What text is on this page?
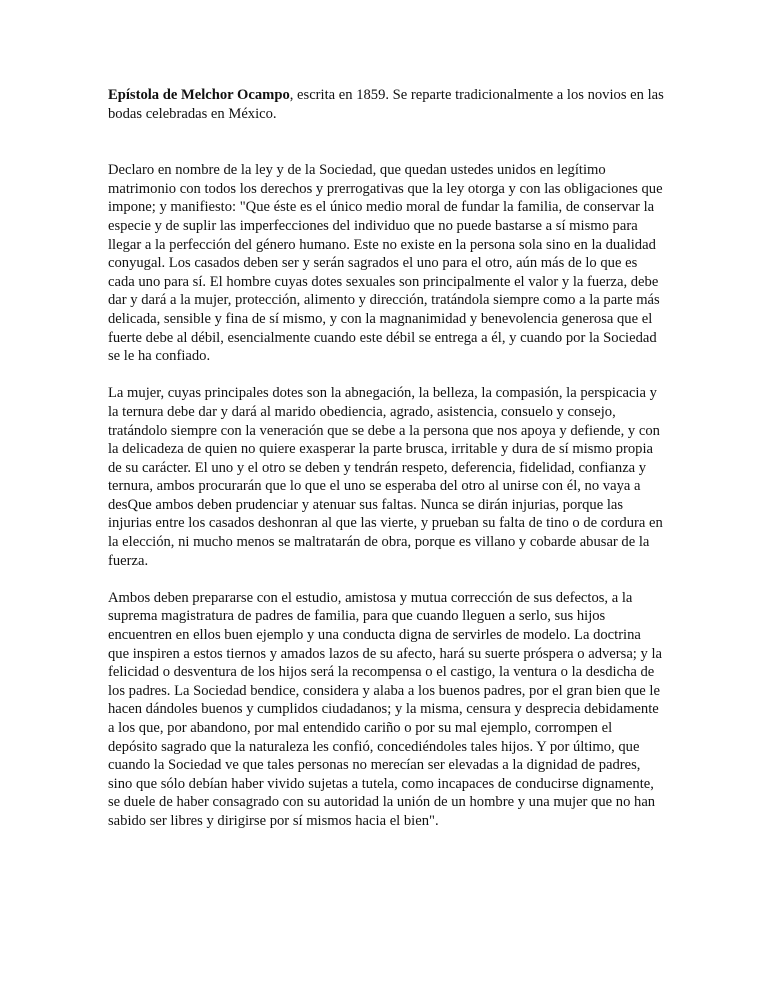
Epístola de Melchor Ocampo, escrita en 1859. Se reparte tradicionalmente a los novios en las bodas celebradas en México.

Declaro en nombre de la ley y de la Sociedad, que quedan ustedes unidos en legítimo matrimonio con todos los derechos y prerrogativas que la ley otorga y con las obligaciones que impone; y manifiesto: "Que éste es el único medio moral de fundar la familia, de conservar la especie y de suplir las imperfecciones del individuo que no puede bastarse a sí mismo para llegar a la perfección del género humano. Este no existe en la persona sola sino en la dualidad conyugal. Los casados deben ser y serán sagrados el uno para el otro, aún más de lo que es cada uno para sí. El hombre cuyas dotes sexuales son principalmente el valor y la fuerza, debe dar y dará a la mujer, protección, alimento y dirección, tratándola siempre como a la parte más delicada, sensible y fina de sí mismo, y con la magnanimidad y benevolencia generosa que el fuerte debe al débil, esencialmente cuando este débil se entrega a él, y cuando por la Sociedad se le ha confiado.

La mujer, cuyas principales dotes son la abnegación, la belleza, la compasión, la perspicacia y la ternura debe dar y dará al marido obediencia, agrado, asistencia, consuelo y consejo, tratándolo siempre con la veneración que se debe a la persona que nos apoya y defiende, y con la delicadeza de quien no quiere exasperar la parte brusca, irritable y dura de sí mismo propia de su carácter. El uno y el otro se deben y tendrán respeto, deferencia, fidelidad, confianza y ternura, ambos procurarán que lo que el uno se esperaba del otro al unirse con él, no vaya a desQue ambos deben prudenciar y atenuar sus faltas. Nunca se dirán injurias, porque las injurias entre los casados deshonran al que las vierte, y prueban su falta de tino o de cordura en la elección, ni mucho menos se maltratarán de obra, porque es villano y cobarde abusar de la fuerza.

Ambos deben prepararse con el estudio, amistosa y mutua corrección de sus defectos, a la suprema magistratura de padres de familia, para que cuando lleguen a serlo, sus hijos encuentren en ellos buen ejemplo y una conducta digna de servirles de modelo. La doctrina que inspiren a estos tiernos y amados lazos de su afecto, hará su suerte próspera o adversa; y la felicidad o desventura de los hijos será la recompensa o el castigo, la ventura o la desdicha de los padres. La Sociedad bendice, considera y alaba a los buenos padres, por el gran bien que le hacen dándoles buenos y cumplidos ciudadanos; y la misma, censura y desprecia debidamente a los que, por abandono, por mal entendido cariño o por su mal ejemplo, corrompen el depósito sagrado que la naturaleza les confió, concediéndoles tales hijos. Y por último, que cuando la Sociedad ve que tales personas no merecían ser elevadas a la dignidad de padres, sino que sólo debían haber vivido sujetas a tutela, como incapaces de conducirse dignamente, se duele de haber consagrado con su autoridad la unión de un hombre y una mujer que no han sabido ser libres y dirigirse por sí mismos hacia el bien".
